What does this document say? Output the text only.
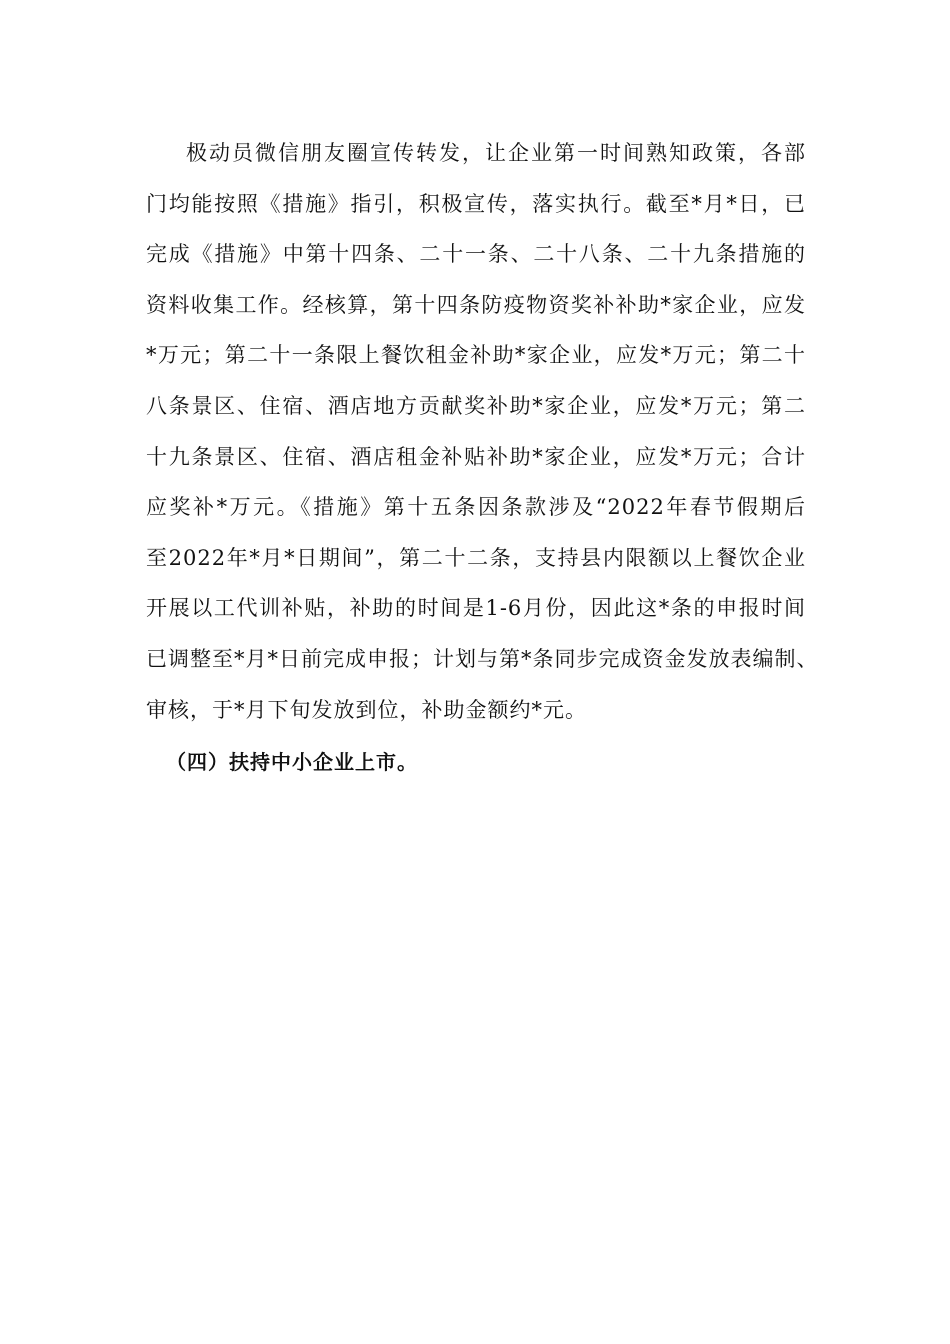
极动员微信朋友圈宣传转发，让企业第一时间熟知政策，各部
门均能按照《措施》指引，积极宣传，落实执行。截至*月*日，已
完成《措施》中第十四条、二十一条、二十八条、二十九条措施的
资料收集工作。经核算，第十四条防疫物资奖补补助*家企业，应发
*万元；第二十一条限上餐饮租金补助*家企业，应发*万元；第二十
八条景区、住宿、酒店地方贡献奖补助*家企业，应发*万元；第二
十九条景区、住宿、酒店租金补贴补助*家企业，应发*万元；合计
应奖补*万元。《措施》第十五条因条款涉及“2022年春节假期后
至2022年*月*日期间”，第二十二条，支持县内限额以上餐饮企业
开展以工代训补贴，补助的时间是1-6月份，因此这*条的申报时间
已调整至*月*日前完成申报；计划与第*条同步完成资金发放表编制、
审核，于*月下旬发放到位，补助金额约*元。
（四）扶持中小企业上市。
